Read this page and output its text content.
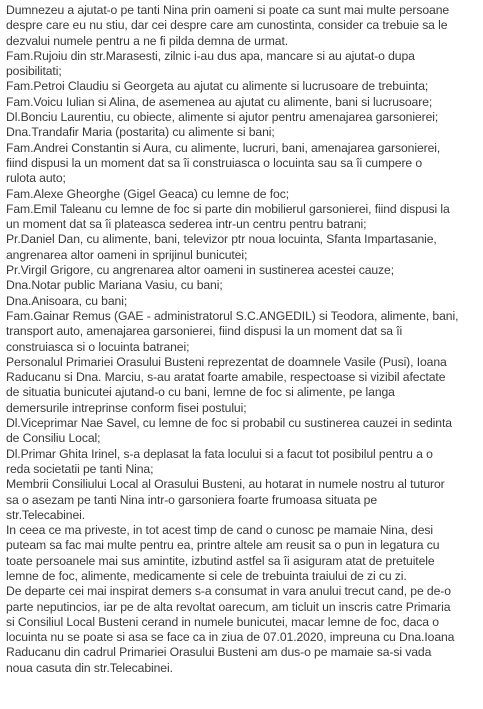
Dumnezeu a ajutat-o pe tanti Nina prin oameni si poate ca sunt mai multe persoane
despre care eu nu stiu, dar cei despre care am cunostinta, consider ca trebuie sa le
dezvalui numele pentru a ne fi pilda demna de urmat.
Fam.Rujoiu din str.Marasesti, zilnic i-au dus apa, mancare si au ajutat-o dupa
posibilitati;
Fam.Petroi Claudiu si Georgeta au ajutat cu alimente si lucrusoare de trebuinta;
Fam.Voicu Iulian si Alina, de asemenea au ajutat cu alimente, bani si lucrusoare;
Dl.Bonciu Laurentiu, cu obiecte, alimente si ajutor pentru amenajarea garsonierei;
Dna.Trandafir Maria (postarita) cu alimente si bani;
Fam.Andrei Constantin si Aura, cu alimente, lucruri, bani, amenajarea garsonierei,
fiind dispusi la un moment dat sa îi construiasca o locuinta sau sa îi cumpere o
rulota auto;
Fam.Alexe Gheorghe (Gigel Geaca) cu lemne de foc;
Fam.Emil Taleanu cu lemne de foc si parte din mobilierul garsonierei, fiind dispusi la
un moment dat sa îi plateasca sederea intr-un centru pentru batrani;
Pr.Daniel Dan, cu alimente, bani, televizor ptr noua locuinta, Sfanta Impartasanie,
angrenarea altor oameni in sprijinul bunicutei;
Pr.Virgil Grigore, cu angrenarea altor oameni in sustinerea acestei cauze;
Dna.Notar public Mariana Vasiu, cu bani;
Dna.Anisoara, cu bani;
Fam.Gainar Remus (GAE - administratorul S.C.ANGEDIL) si Teodora, alimente, bani,
transport auto, amenajarea garsonierei, fiind dispusi la un moment dat sa îi
construiasca si o locuinta batranei;
Personalul Primariei Orasului Busteni reprezentat de doamnele Vasile (Pusi), Ioana
Raducanu si Dna. Marciu, s-au aratat foarte amabile, respectoase si vizibil afectate
de situatia bunicutei ajutand-o cu bani, lemne de foc si alimente, pe langa
demersurile intreprinse conform fisei postului;
Dl.Viceprimar Nae Savel, cu lemne de foc si probabil cu sustinerea cauzei in sedinta
de Consiliu Local;
Dl.Primar Ghita Irinel, s-a deplasat la fata locului si a facut tot posibilul pentru a o
reda societatii pe tanti Nina;
Membrii Consiliului Local al Orasului Busteni, au hotarat in numele nostru al tuturor
sa o asezam pe tanti Nina intr-o garsoniera foarte frumoasa situata pe
str.Telecabinei.
In ceea ce ma priveste, in tot acest timp de cand o cunosc pe mamaie Nina, desi
puteam sa fac mai multe pentru ea, printre altele am reusit sa o pun in legatura cu
toate persoanele mai sus amintite, izbutind astfel sa îi asiguram atat de pretuitele
lemne de foc, alimente, medicamente si cele de trebuinta traiului de zi cu zi.
De departe cei mai inspirat demers s-a consumat in vara anului trecut cand, pe de-o
parte neputincios, iar pe de alta revoltat oarecum, am ticluit un inscris catre Primaria
si Consiliul Local Busteni cerand in numele bunicutei, macar lemne de foc, daca o
locuinta nu se poate si asa se face ca in ziua de 07.01.2020, impreuna cu Dna.Ioana
Raducanu din cadrul Primariei Orasului Busteni am dus-o pe mamaie sa-si vada
noua casuta din str.Telecabinei.
